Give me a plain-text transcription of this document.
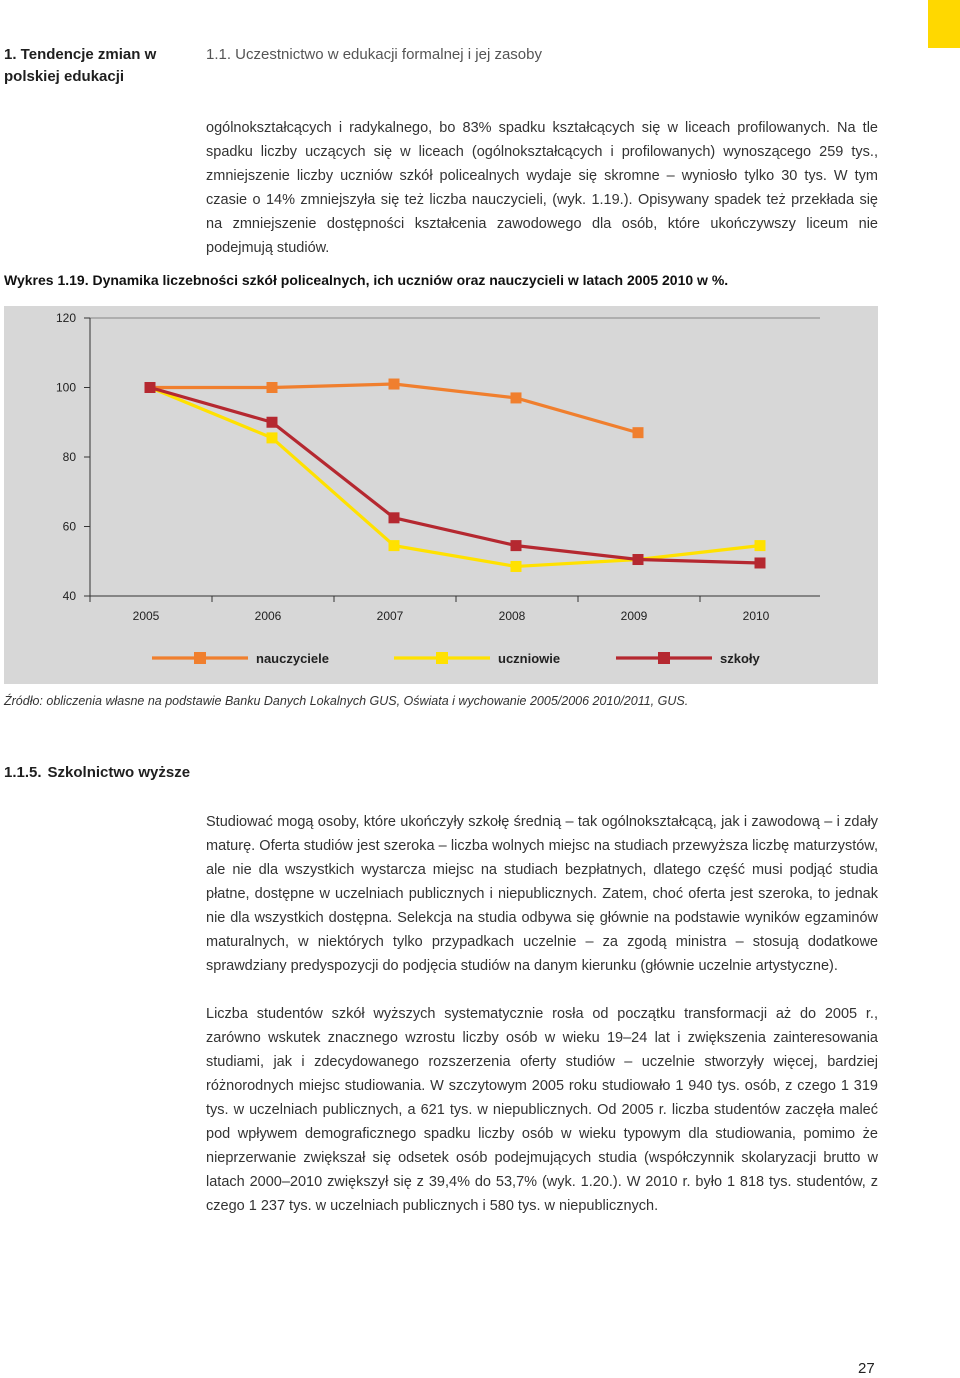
1. Tendencje zmian w polskiej edukacji
1.1. Uczestnictwo w edukacji formalnej i jej zasoby
ogólnokształcących i radykalnego, bo 83% spadku kształcących się w liceach profilowanych. Na tle spadku liczby uczących się w liceach (ogólnokształcących i profilowanych) wynoszącego 259 tys., zmniejszenie liczby uczniów szkół policealnych wydaje się skromne – wyniosło tylko 30 tys. W tym czasie o 14% zmniejszyła się też liczba nauczycieli, (wyk. 1.19.). Opisywany spadek też przekłada się na zmniejszenie dostępności kształcenia zawodowego dla osób, które ukończywszy liceum nie podejmują studiów.
Wykres 1.19. Dynamika liczebności szkół policealnych, ich uczniów oraz nauczycieli w latach 2005 2010 w %.
120
100
80
60
40
2005	2006	2007	2008	2009	2010
nauczyciele	uczniowie	szkoły
Źródło: obliczenia własne na podstawie Banku Danych Lokalnych GUS, Oświata i wychowanie 2005/2006 2010/2011, GUS.
1.1.5. Szkolnictwo wyższe

Studiować mogą osoby, które ukończyły szkołę średnią – tak ogólnokształcącą, jak i zawodową – i zdały maturę. Oferta studiów jest szeroka – liczba wolnych miejsc na studiach przewyższa liczbę maturzystów, ale nie dla wszystkich wystarcza miejsc na studiach bezpłatnych, dlatego część musi podjąć studia płatne, dostępne w uczelniach publicznych i niepublicznych. Zatem, choć oferta jest szeroka, to jednak nie dla wszystkich dostępna. Selekcja na studia odbywa się głównie na podstawie wyników egzaminów maturalnych, w niektórych tylko przypadkach uczelnie – za zgodą ministra – stosują dodatkowe sprawdziany predyspozycji do podjęcia studiów na danym kierunku (głównie uczelnie artystyczne).

Liczba studentów szkół wyższych systematycznie rosła od początku transformacji aż do 2005 r., zarówno wskutek znacznego wzrostu liczby osób w wieku 19–24 lat i zwiększenia zainteresowania studiami, jak i zdecydowanego rozszerzenia oferty studiów – uczelnie stworzyły więcej, bardziej różnorodnych miejsc studiowania. W szczytowym 2005 roku studiowało 1 940 tys. osób, z czego 1 319 tys. w uczelniach publicznych, a 621 tys. w niepublicznych. Od 2005 r. liczba studentów zaczęła maleć pod wpływem demograficznego spadku liczby osób w wieku typowym dla studiowania, pomimo że nieprzerwanie zwiększał się odsetek osób podejmujących studia (współczynnik skolaryzacji brutto w latach 2000–2010 zwiększył się z 39,4% do 53,7% (wyk. 1.20.). W 2010 r. było 1 818 tys. studentów, z czego 1 237 tys. w uczelniach publicznych i 580 tys. w niepublicznych.

27
